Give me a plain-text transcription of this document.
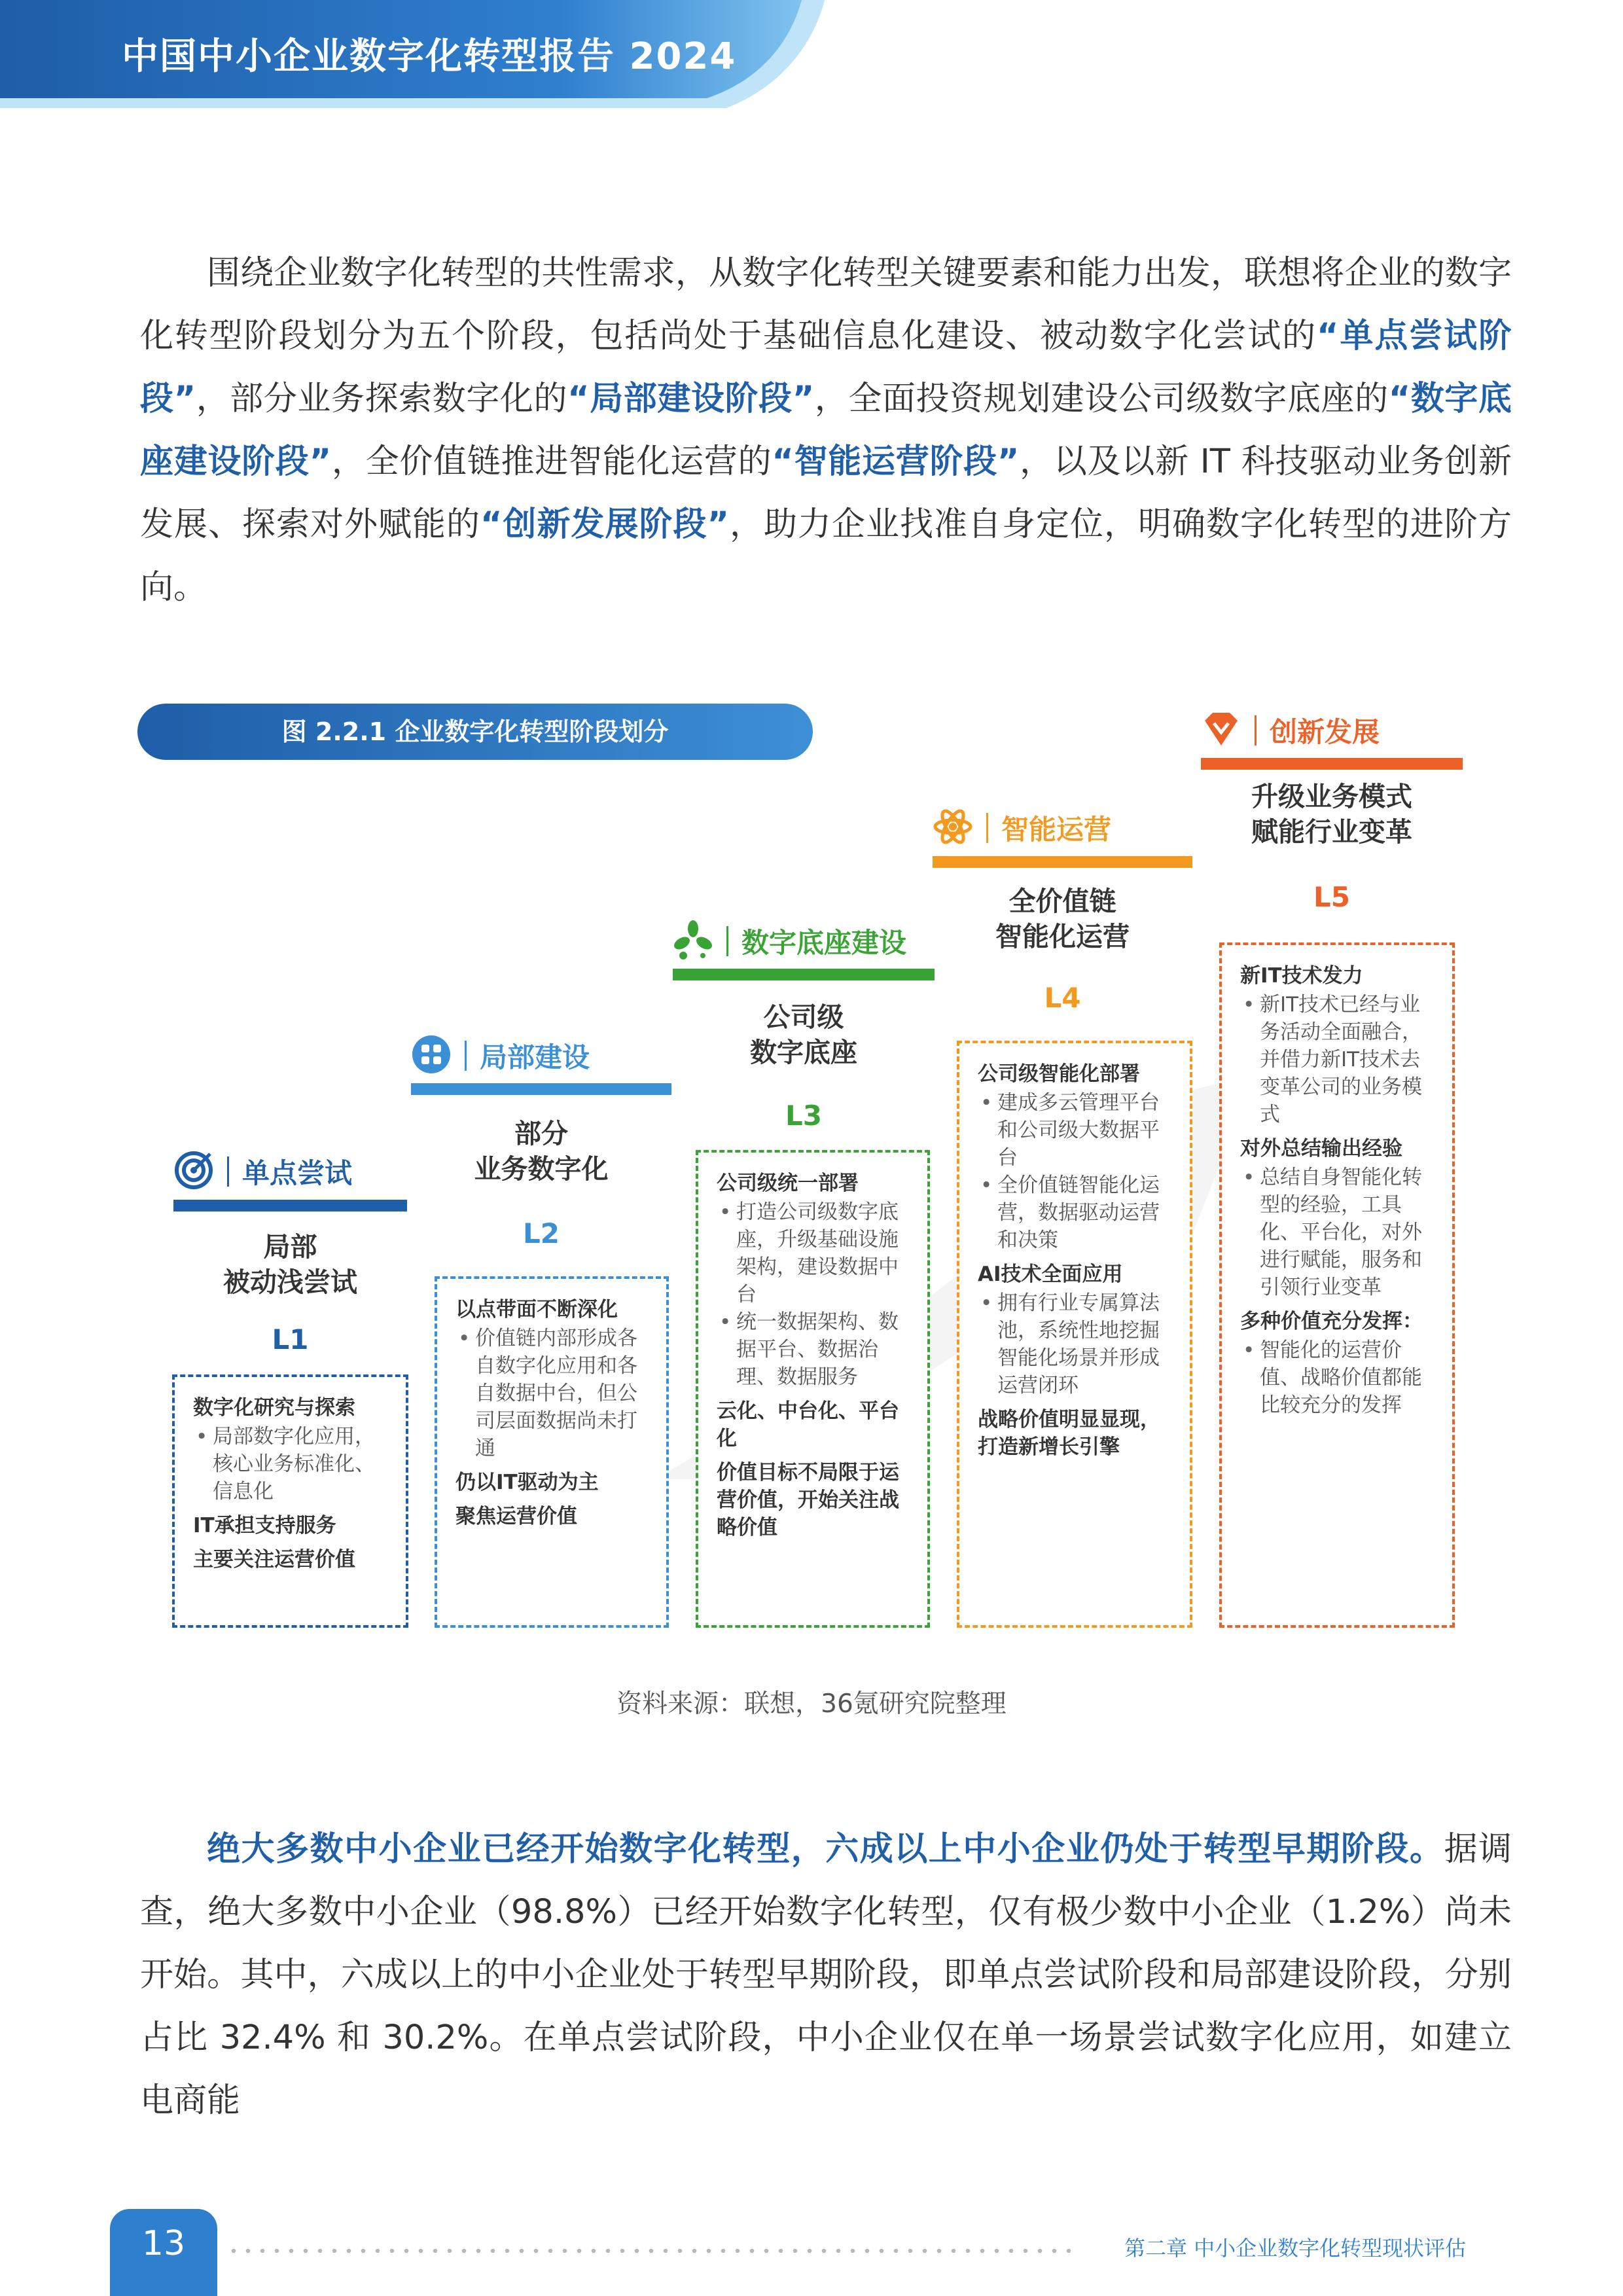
中国中小企业数字化转型报告 2024
围绕企业数字化转型的共性需求，从数字化转型关键要素和能力出发，联想将企业的数字化转型阶段划分为五个阶段，包括尚处于基础信息化建设、被动数字化尝试的“单点尝试阶段”，部分业务探索数字化的“局部建设阶段”，全面投资规划建设公司级数字底座的“数字底座建设阶段”，全价值链推进智能化运营的“智能运营阶段”，以及以新 IT 科技驱动业务创新发展、探索对外赋能的“创新发展阶段”，助力企业找准自身定位，明确数字化转型的进阶方向。
图 2.2.1 企业数字化转型阶段划分
单点尝试
局部
被动浅尝试
L1
数字化研究与探索
• 局部数字化应用，核心业务标准化、信息化
IT承担支持服务
主要关注运营价值
局部建设
部分
业务数字化
L2
以点带面不断深化
• 价值链内部形成各自数字化应用和各自数据中台，但公司层面数据尚未打通
仍以IT驱动为主
聚焦运营价值
数字底座建设
公司级
数字底座
L3
公司级统一部署
• 打造公司级数字底座，升级基础设施架构，建设数据中台
• 统一数据架构、数据平台、数据治理、数据服务
云化、中台化、平台化
价值目标不局限于运营价值，开始关注战略价值
智能运营
全价值链
智能化运营
L4
公司级智能化部署
• 建成多云管理平台和公司级大数据平台
• 全价值链智能化运营，数据驱动运营和决策
AI技术全面应用
• 拥有行业专属算法池，系统性地挖掘智能化场景并形成运营闭环
战略价值明显显现，打造新增长引擎
创新发展
升级业务模式
赋能行业变革
L5
新IT技术发力
• 新IT技术已经与业务活动全面融合，并借力新IT技术去变革公司的业务模式
对外总结输出经验
• 总结自身智能化转型的经验，工具化、平台化，对外进行赋能，服务和引领行业变革
多种价值充分发挥：
• 智能化的运营价值、战略价值都能比较充分的发挥
资料来源：联想，36氪研究院整理
绝大多数中小企业已经开始数字化转型，六成以上中小企业仍处于转型早期阶段。据调查，绝大多数中小企业（98.8%）已经开始数字化转型，仅有极少数中小企业（1.2%）尚未开始。其中，六成以上的中小企业处于转型早期阶段，即单点尝试阶段和局部建设阶段，分别占比 32.4% 和 30.2%。在单点尝试阶段，中小企业仅在单一场景尝试数字化应用，如建立电商能
13	第二章 中小企业数字化转型现状评估
